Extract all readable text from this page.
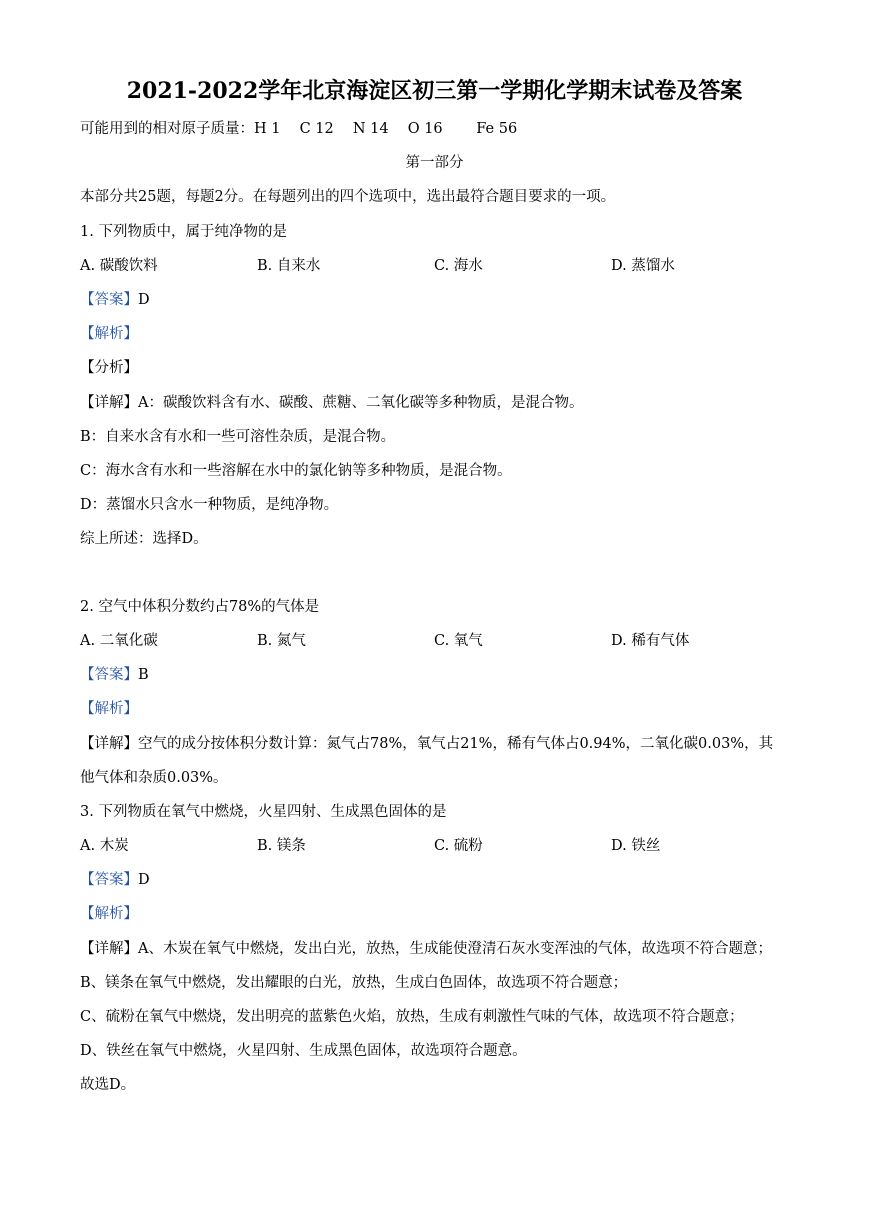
2021-2022学年北京海淀区初三第一学期化学期末试卷及答案
可能用到的相对原子质量：H 1　 C 12　 N 14　 O 16　　 Fe 56
第一部分
本部分共25题，每题2分。在每题列出的四个选项中，选出最符合题目要求的一项。
1. 下列物质中，属于纯净物的是
A. 碳酸饮料	B. 自来水	C. 海水	D. 蒸馏水
【答案】D
【解析】
【分析】
【详解】A：碳酸饮料含有水、碳酸、蔗糖、二氧化碳等多种物质，是混合物。
B：自来水含有水和一些可溶性杂质，是混合物。
C：海水含有水和一些溶解在水中的氯化钠等多种物质，是混合物。
D：蒸馏水只含水一种物质，是纯净物。
综上所述：选择D。
2. 空气中体积分数约占78%的气体是
A. 二氧化碳	B. 氮气	C. 氧气	D. 稀有气体
【答案】B
【解析】
【详解】空气的成分按体积分数计算：氮气占78%，氧气占21%，稀有气体占0.94%，二氧化碳0.03%，其
他气体和杂质0.03%。
3. 下列物质在氧气中燃烧，火星四射、生成黑色固体的是
A. 木炭	B. 镁条	C. 硫粉	D. 铁丝
【答案】D
【解析】
【详解】A、木炭在氧气中燃烧，发出白光，放热，生成能使澄清石灰水变浑浊的气体，故选项不符合题意；
B、镁条在氧气中燃烧，发出耀眼的白光，放热，生成白色固体，故选项不符合题意；
C、硫粉在氧气中燃烧，发出明亮的蓝紫色火焰，放热，生成有刺激性气味的气体，故选项不符合题意；
D、铁丝在氧气中燃烧，火星四射、生成黑色固体，故选项符合题意。
故选D。
